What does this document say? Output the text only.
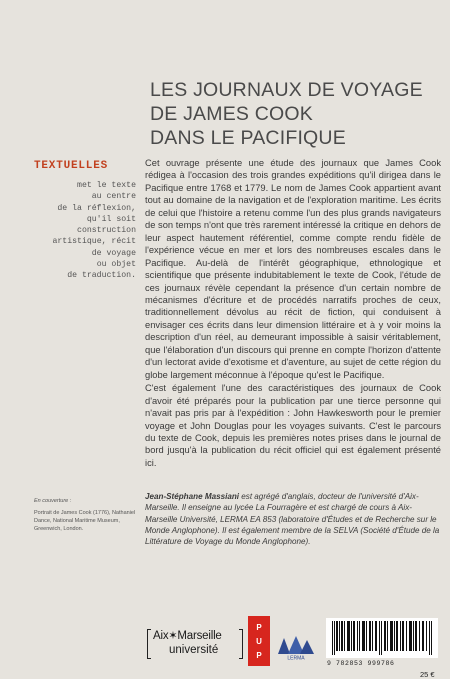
LES JOURNAUX DE VOYAGE
DE JAMES COOK
DANS LE PACIFIQUE
TEXTUELLES
met le texte
au centre
de la réflexion,
qu'il soit
construction
artistique, récit
de voyage
ou objet
de traduction.

Cet ouvrage présente une étude des journaux que James Cook rédigea à l'occasion des trois grandes expéditions qu'il dirigea dans le Pacifique entre 1768 et 1779. Le nom de James Cook appartient avant tout au domaine de la navigation et de l'exploration maritime. Les écrits de celui que l'histoire a retenu comme l'un des plus grands navigateurs de son temps n'ont que très rarement intéressé la critique en dehors de leur aspect hautement référentiel, comme compte rendu fidèle de l'expérience vécue en mer et lors des nombreuses escales dans le Pacifique. Au-delà de l'intérêt géographique, ethnologique et scientifique que présente indubitablement le texte de Cook, l'étude de ces journaux révèle cependant la présence d'un certain nombre de mécanismes d'écriture et de procédés narratifs proches de ceux, traditionnellement dévolus au récit de fiction, qui conduisent à envisager ces écrits dans leur dimension littéraire et à y voir moins la description d'un réel, au demeurant impossible à saisir véritablement, que l'élaboration d'un discours qui prenne en compte l'horizon d'attente d'un lectorat avide d'exotisme et d'aventure, au sujet de cette région du globe largement méconnue à l'époque qu'est le Pacifique.

C'est également l'une des caractéristiques des journaux de Cook d'avoir été préparés pour la publication par une tierce personne qui n'avait pas pris par à l'expédition : John Hawkesworth pour le premier voyage et John Douglas pour les voyages suivants. C'est le parcours du texte de Cook, depuis les premières notes prises dans le journal de bord jusqu'à la publication du récit officiel qui est également présenté ici.

En couverture :
Portrait de James Cook (1776), Nathaniel Dance, National Maritime Museum, Greenwich, London.
Jean-Stéphane Massiani est agrégé d'anglais, docteur de l'université d'Aix-Marseille. Il enseigne au lycée La Fourragère et est chargé de cours à Aix-Marseille Université, LERMA EA 853 (laboratoire d'Études et de Recherche sur le Monde Anglophone). Il est également membre de la SELVA (Société d'Étude de la Littérature de Voyage du Monde Anglophone).
Aix✶Marseille
université
P
U
P	LERMA
9 782853 999786
25 €
